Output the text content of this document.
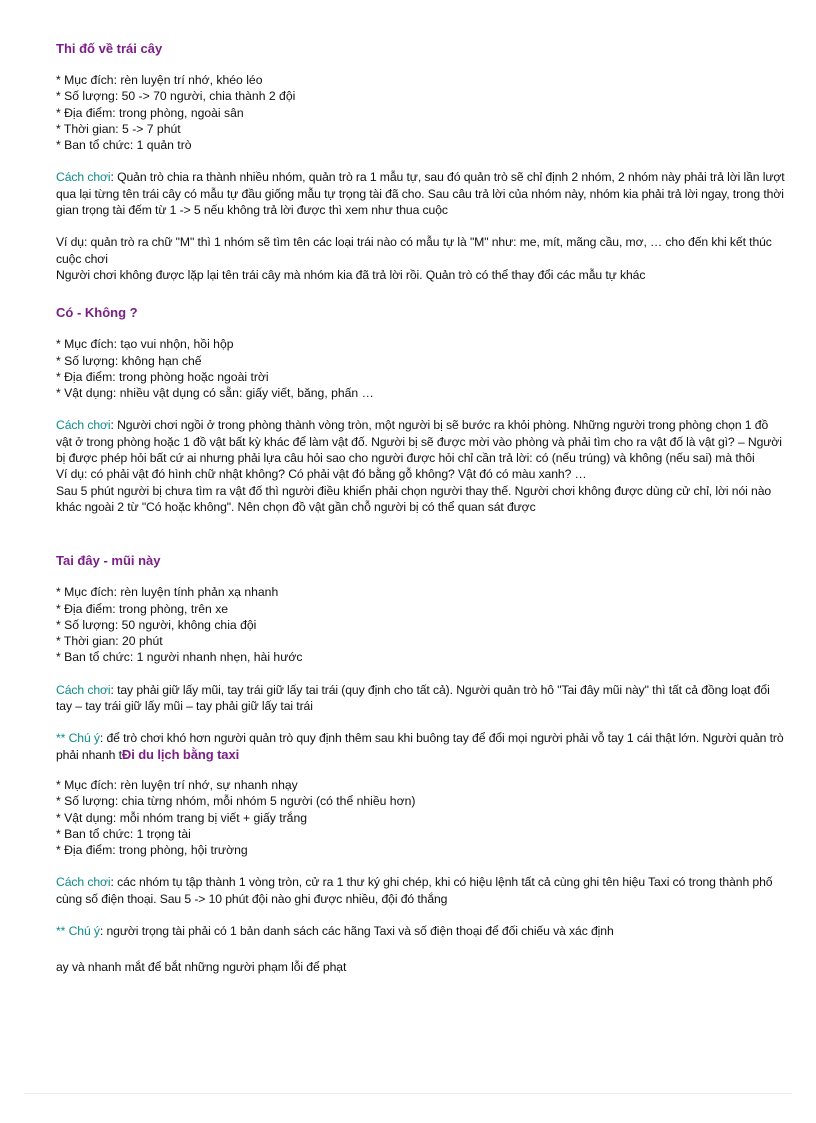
Thi đố về trái cây
* Mục đích: rèn luyện trí nhớ, khéo léo
* Số lượng: 50 -> 70 người, chia thành 2 đội
* Địa điểm: trong phòng, ngoài sân
* Thời gian: 5 -> 7 phút
* Ban tổ chức: 1 quản trò

Cách chơi: Quản trò chia ra thành nhiều nhóm, quản trò ra 1 mẫu tự, sau đó quản trò sẽ chỉ định 2 nhóm, 2 nhóm này phải trả lời lần lượt qua lại từng tên trái cây có mẫu tự đầu giống mẫu tự trọng tài đã cho. Sau câu trả lời của nhóm này, nhóm kia phải trả lời ngay, trong thời gian trọng tài đếm từ 1 -> 5 nếu không trả lời được thì xem như thua cuộc

Ví dụ: quản trò ra chữ "M" thì 1 nhóm sẽ tìm tên các loại trái nào có mẫu tự là "M" như: me, mít, mãng cầu, mơ, … cho đến khi kết thúc cuộc chơi

Người chơi không được lặp lại tên trái cây mà nhóm kia đã trả lời rồi. Quản trò có thể thay đổi các mẫu tự khác

Có - Không ?
* Mục đích: tạo vui nhộn, hồi hộp
* Số lượng: không hạn chế
* Địa điểm: trong phòng hoặc ngoài trời
* Vật dụng: nhiều vật dụng có sẵn: giấy viết, băng, phấn …

Cách chơi: Người chơi ngồi ở trong phòng thành vòng tròn, một người bị sẽ bước ra khỏi phòng. Những người trong phòng chọn 1 đồ vật ở trong phòng hoặc 1 đồ vật bất kỳ khác để làm vật đố. Người bị sẽ được mời vào phòng và phải tìm cho ra vật đố là vật gì? – Người bị được phép hỏi bất cứ ai nhưng phải lựa câu hỏi sao cho người được hỏi chỉ cần trả lời: có (nếu trúng) và không (nếu sai) mà thôi

Ví dụ: có phải vật đó hình chữ nhật không? Có phải vật đó bằng gỗ không? Vật đó có màu xanh? …

Sau 5 phút người bị chưa tìm ra vật đố thì người điều khiển phải chọn người thay thế. Người chơi không được dùng cử chỉ, lời nói nào khác ngoài 2 từ "Có hoặc không". Nên chọn đồ vật gần chỗ người bị có thể quan sát được

Tai đây - mũi này
* Mục đích: rèn luyện tính phản xạ nhanh
* Địa điểm: trong phòng, trên xe
* Số lượng: 50 người, không chia đội
* Thời gian: 20 phút
* Ban tổ chức: 1 người nhanh nhẹn, hài hước

Cách chơi: tay phải giữ lấy mũi, tay trái giữ lấy tai trái (quy định cho tất cả). Người quản trò hô "Tai đây mũi này" thì tất cả đồng loạt đổi tay – tay trái giữ lấy mũi – tay phải giữ lấy tai trái

** Chú ý: để trò chơi khó hơn người quản trò quy định thêm sau khi buông tay để đổi mọi người phải vỗ tay 1 cái thật lớn. Người quản trò phải nhanh tĐi du lịch bằng taxi

* Mục đích: rèn luyện trí nhớ, sự nhanh nhạy
* Số lượng: chia từng nhóm, mỗi nhóm 5 người (có thể nhiều hơn)
* Vật dụng: mỗi nhóm trang bị viết + giấy trắng
* Ban tổ chức: 1 trọng tài
* Địa điểm: trong phòng, hội trường

Cách chơi: các nhóm tụ tập thành 1 vòng tròn, cử ra 1 thư ký ghi chép, khi có hiệu lệnh tất cả cùng ghi tên hiệu Taxi có trong thành phố cùng số điện thoại. Sau 5 -> 10 phút đội nào ghi được nhiều, đội đó thắng

** Chú ý: người trọng tài phải có 1 bản danh sách các hãng Taxi và số điện thoại để đối chiếu và xác định

ay và nhanh mắt để bắt những người phạm lỗi để phạt
